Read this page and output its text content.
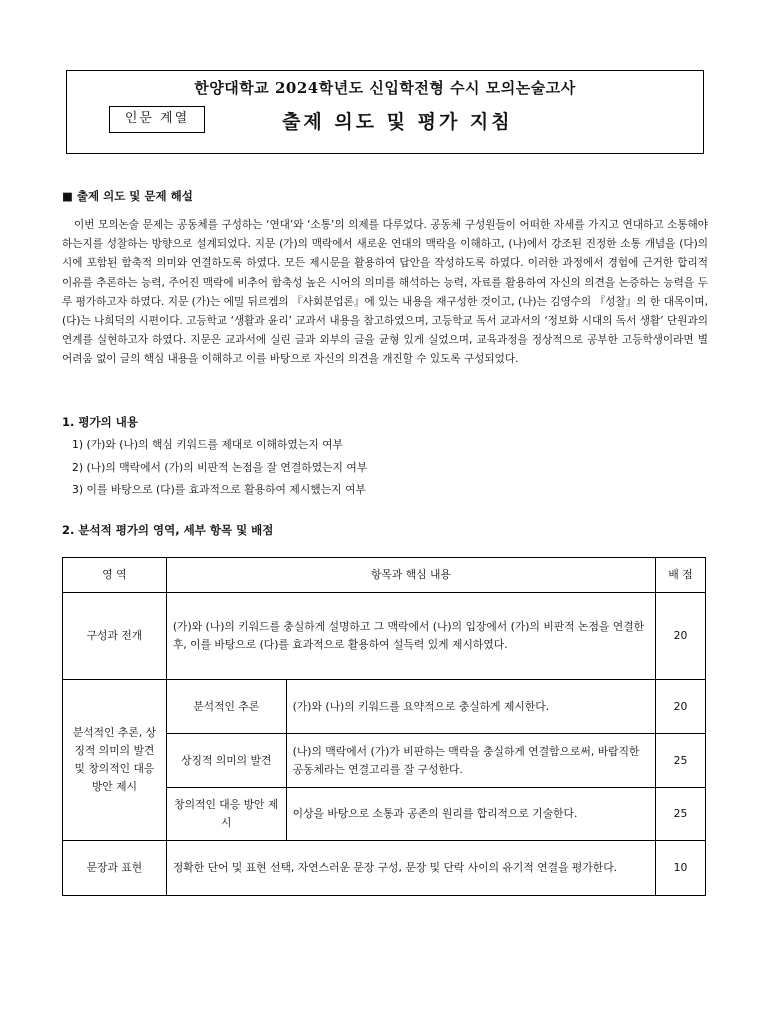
한양대학교 2024학년도 신입학전형 수시 모의논술고사
인문 계열	출제 의도 및 평가 지침
■ 출제 의도 및 문제 해설

이번 모의논술 문제는 공동체를 구성하는 ‘연대’와 ‘소통’의 의제를 다루었다. 공동체 구성원들이 어떠한 자세를 가지고 연대하고 소통해야 하는지를 성찰하는 방향으로 설계되었다. 지문 (가)의 맥락에서 새로운 연대의 맥락을 이해하고, (나)에서 강조된 진정한 소통 개념을 (다)의 시에 포함된 함축적 의미와 연결하도록 하였다. 모든 제시문을 활용하여 답안을 작성하도록 하였다. 이러한 과정에서 경험에 근거한 합리적 이유를 추론하는 능력, 주어진 맥락에 비추어 함축성 높은 시어의 의미를 해석하는 능력, 자료를 활용하여 자신의 의견을 논증하는 능력을 두루 평가하고자 하였다. 지문 (가)는 에밀 뒤르켐의 『사회분업론』에 있는 내용을 재구성한 것이고, (나)는 김영수의 『성찰』의 한 대목이며, (다)는 나희덕의 시편이다. 고등학교 ‘생활과 윤리’ 교과서 내용을 참고하였으며, 고등학교 독서 교과서의 ‘정보화 시대의 독서 생활’ 단원과의 연계를 실현하고자 하였다. 지문은 교과서에 실린 글과 외부의 글을 균형 있게 실었으며, 교육과정을 정상적으로 공부한 고등학생이라면 별 어려움 없이 글의 핵심 내용을 이해하고 이를 바탕으로 자신의 의견을 개진할 수 있도록 구성되었다.

1. 평가의 내용
1) (가)와 (나)의 핵심 키워드를 제대로 이해하였는지 여부
2) (나)의 맥락에서 (가)의 비판적 논점을 잘 연결하였는지 여부
3) 이를 바탕으로 (다)를 효과적으로 활용하여 제시했는지 여부
2. 분석적 평가의 영역, 세부 항목 및 배점
영 역	항목과 핵심 내용		배 점
구성과 전개	(가)와 (나)의 키워드를 충실하게 설명하고 그 맥락에서 (나)의 입장에서 (가)의 비판적 논점을 연결한 후, 이를 바탕으로 (다)를 효과적으로 활용하여 설득력 있게 제시하였다.		20
분석적인 추론, 상징적 의미의 발견 및 창의적인 대응 방안 제시	분석적인 추론	(가)와 (나)의 키워드를 요약적으로 충실하게 제시한다.	20
	상징적 의미의 발견	(나)의 맥락에서 (가)가 비판하는 맥락을 충실하게 연결함으로써, 바람직한 공동체라는 연결고리를 잘 구성한다.	25
	창의적인 대응 방안 제시	이상을 바탕으로 소통과 공존의 원리를 합리적으로 기술한다.	25
문장과 표현	정확한 단어 및 표현 선택, 자연스러운 문장 구성, 문장 및 단락 사이의 유기적 연결을 평가한다.		10
